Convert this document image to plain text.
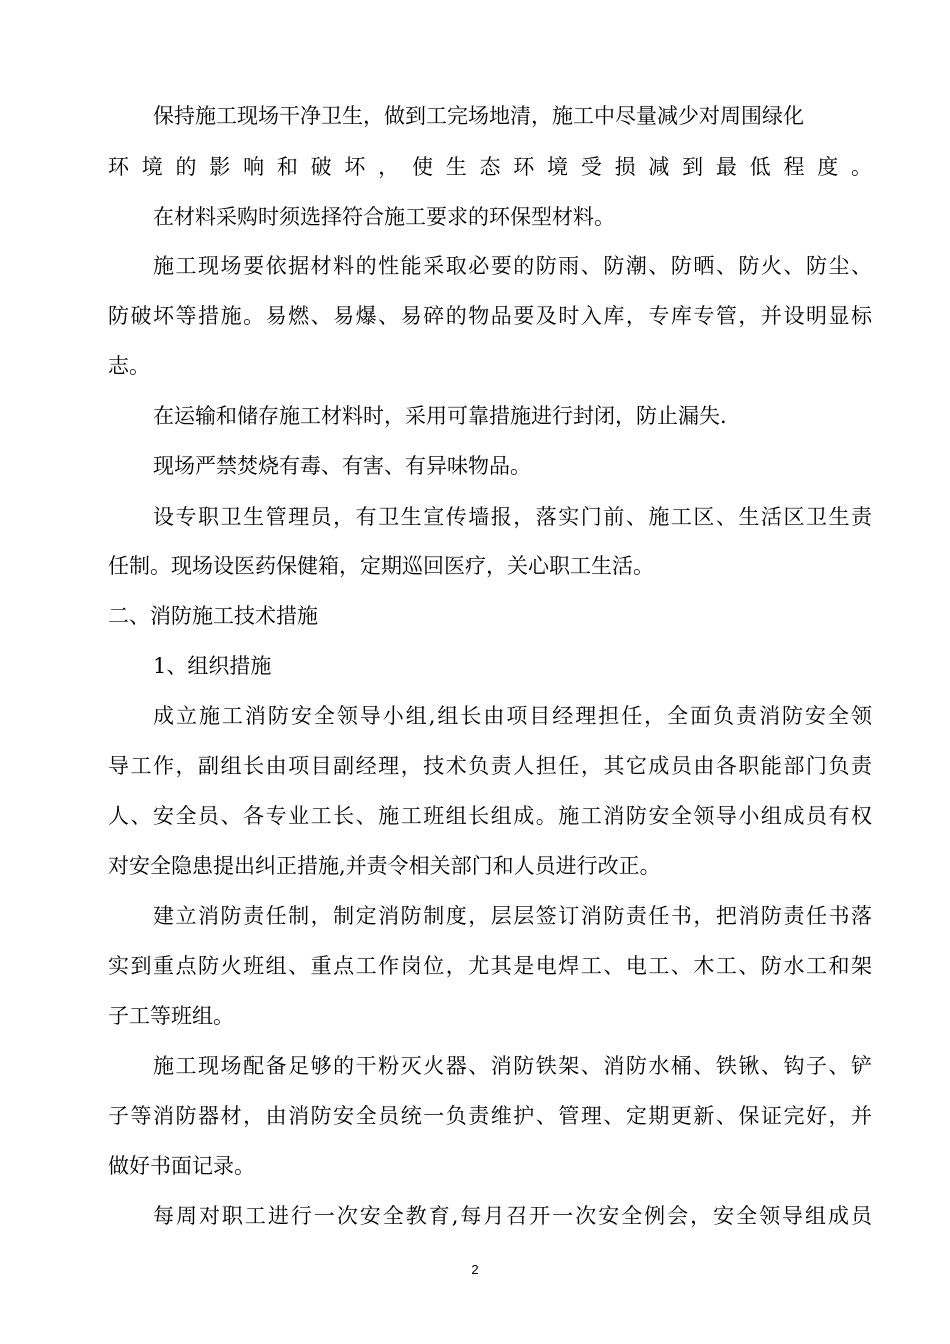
保持施工现场干净卫生，做到工完场地清，施工中尽量减少对周围绿化
环境的影响和破坏，使生态环境受损减到最低程度。
在材料采购时须选择符合施工要求的环保型材料。
施工现场要依据材料的性能采取必要的防雨、防潮、防晒、防火、防尘、
防破坏等措施。易燃、易爆、易碎的物品要及时入库，专库专管，并设明显标
志。
在运输和储存施工材料时，采用可靠措施进行封闭，防止漏失.
现场严禁焚烧有毒、有害、有异味物品。
设专职卫生管理员，有卫生宣传墙报，落实门前、施工区、生活区卫生责
任制。现场设医药保健箱，定期巡回医疗，关心职工生活。
二、消防施工技术措施
1、组织措施
成立施工消防安全领导小组,组长由项目经理担任，全面负责消防安全领
导工作，副组长由项目副经理，技术负责人担任，其它成员由各职能部门负责
人、安全员、各专业工长、施工班组长组成。施工消防安全领导小组成员有权
对安全隐患提出纠正措施,并责令相关部门和人员进行改正。
建立消防责任制，制定消防制度，层层签订消防责任书，把消防责任书落
实到重点防火班组、重点工作岗位，尤其是电焊工、电工、木工、防水工和架
子工等班组。
施工现场配备足够的干粉灭火器、消防铁架、消防水桶、铁锹、钩子、铲
子等消防器材，由消防安全员统一负责维护、管理、定期更新、保证完好，并
做好书面记录。
每周对职工进行一次安全教育,每月召开一次安全例会，安全领导组成员
2
